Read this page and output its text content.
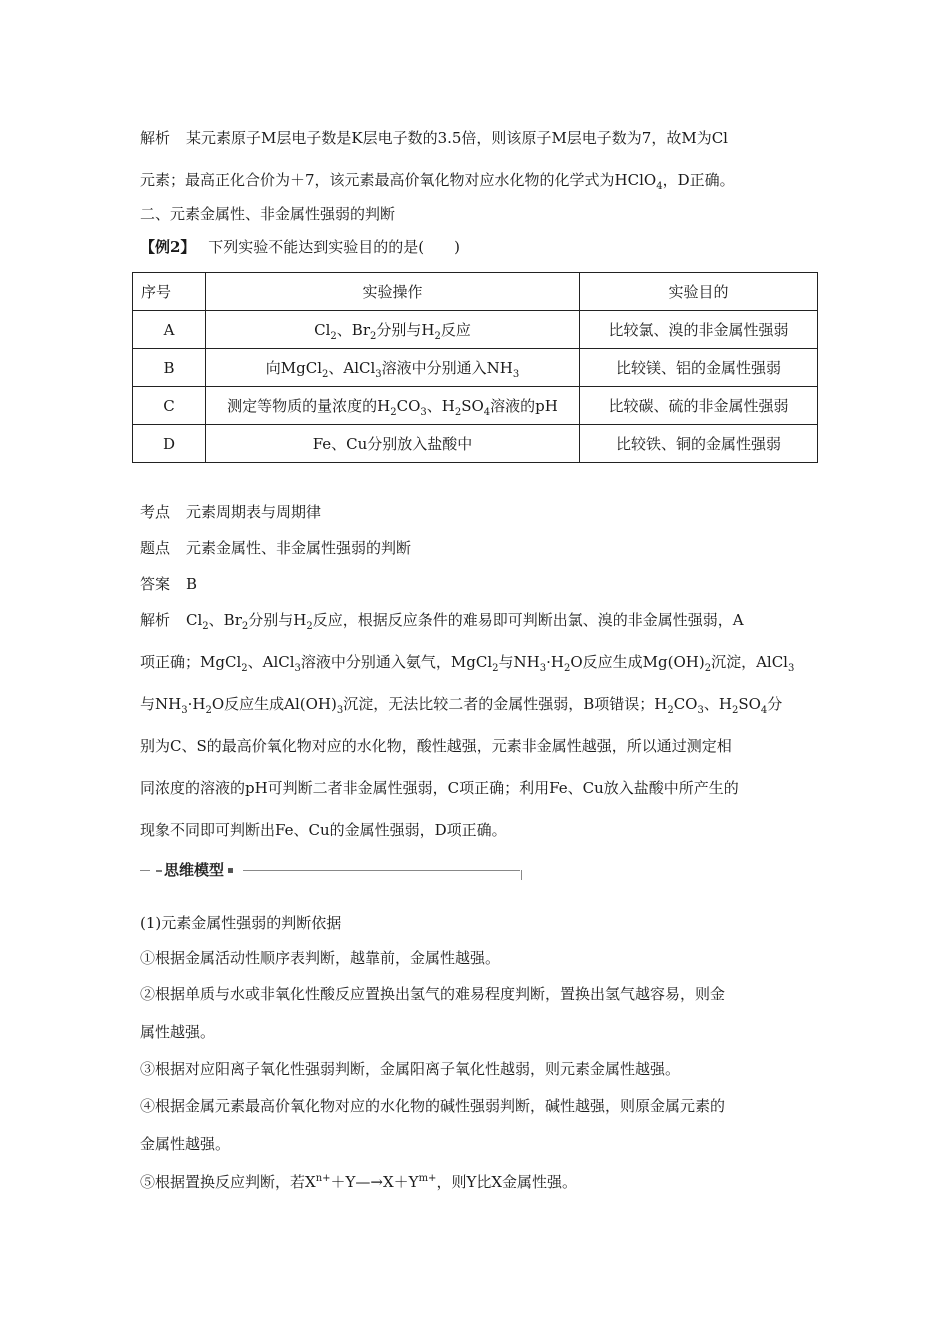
解析 某元素原子M层电子数是K层电子数的3.5倍，则该原子M层电子数为7，故M为Cl
元素；最高正化合价为＋7，该元素最高价氧化物对应水化物的化学式为HClO$_4$，D正确。
二、元素金属性、非金属性强弱的判断
【例2】 下列实验不能达到实验目的的是(　　)
序号	实验操作	实验目的
A	$Cl_2$、$Br_2$分别与$H_2$反应	比较氯、溴的非金属性强弱
B	向MgCl$_2$、AlCl$_3$溶液中分别通入$NH_3$	比较镁、铝的金属性强弱
C	测定等物质的量浓度的$H_2CO_3$、$H_2SO_4$溶液的pH	比较碳、硫的非金属性强弱
D	Fe、Cu分别放入盐酸中	比较铁、铜的金属性强弱
考点 元素周期表与周期律
题点 元素金属性、非金属性强弱的判断
答案 B
解析 $Cl_2$、$Br_2$分别与$H_2$反应，根据反应条件的难易即可判断出氯、溴的非金属性强弱，A
项正确；MgCl$_2$、AlCl$_3$溶液中分别通入氨气，MgCl$_2$与$NH_3\cdot H_2O$反应生成$Mg(OH)_2$沉淀，AlCl$_3$
与$NH_3\cdot H_2O$反应生成$Al(OH)_3$沉淀，无法比较二者的金属性强弱，B项错误；$H_2CO_3$、$H_2SO_4$分
别为C、S的最高价氧化物对应的水化物，酸性越强，元素非金属性越强，所以通过测定相
同浓度的溶液的pH可判断二者非金属性强弱，C项正确；利用Fe、Cu放入盐酸中所产生的
现象不同即可判断出Fe、Cu的金属性强弱，D项正确。
思维模型
(1)元素金属性强弱的判断依据
①根据金属活动性顺序表判断，越靠前，金属性越强。
②根据单质与水或非氧化性酸反应置换出氢气的难易程度判断，置换出氢气越容易，则金
属性越强。
③根据对应阳离子氧化性强弱判断，金属阳离子氧化性越弱，则元素金属性越强。
④根据金属元素最高价氧化物对应的水化物的碱性强弱判断，碱性越强，则原金属元素的
金属性越强。
⑤根据置换反应判断，若$X^{n+}+Y—\to X+Y^{m+}$，则Y比X金属性强。
